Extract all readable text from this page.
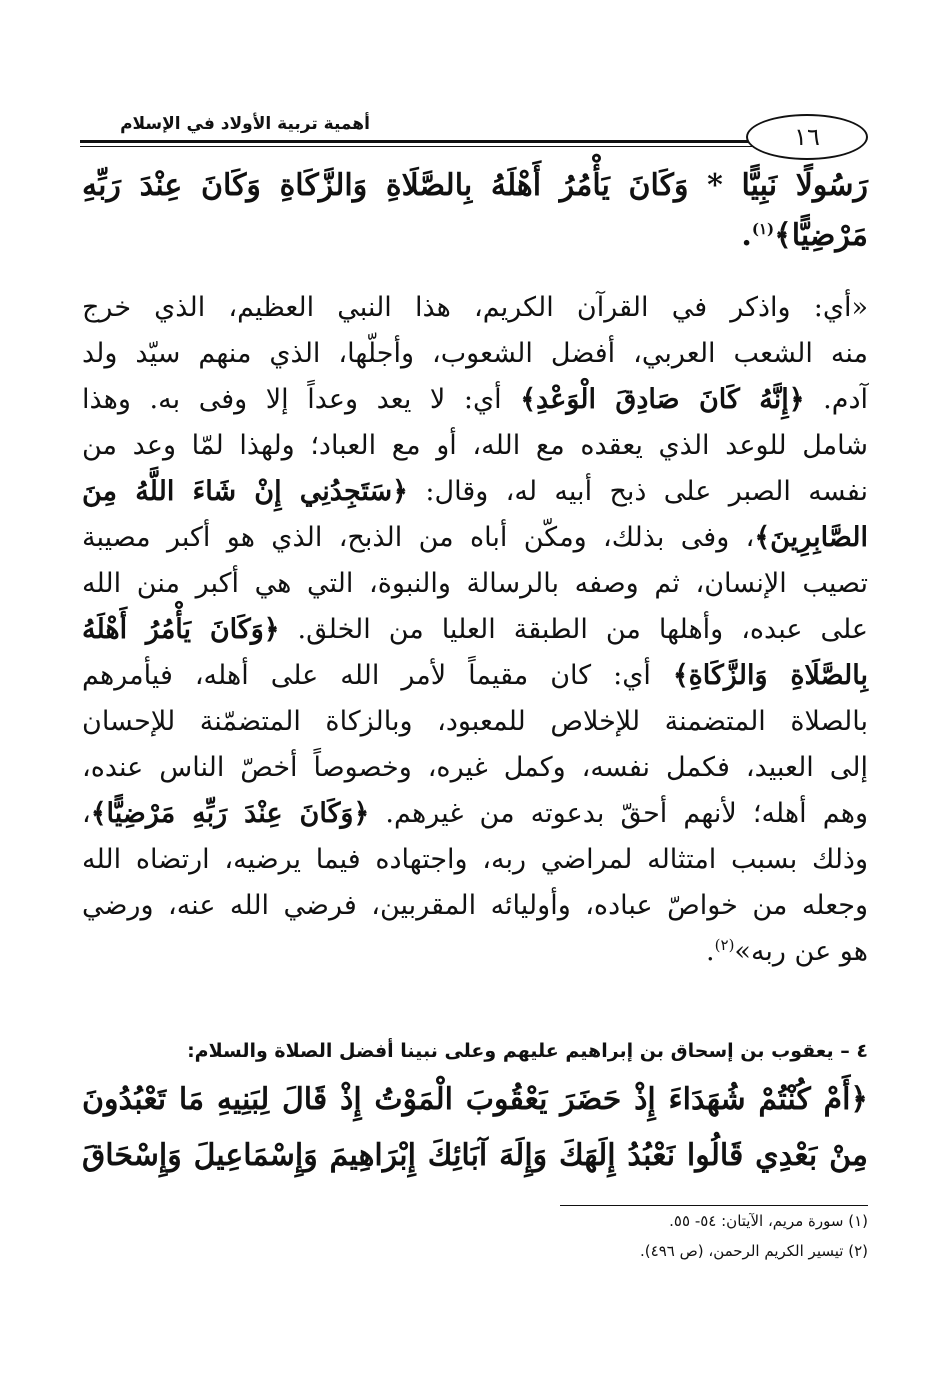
أهمية تربية الأولاد في الإسلام	١٦
رَسُولًا نَبِيًّا * وَكَانَ يَأْمُرُ أَهْلَهُ بِالصَّلَاةِ وَالزَّكَاةِ وَكَانَ عِنْدَ رَبِّهِ
مَرْضِيًّا﴾$^{(١)}$.
«أي: واذكر في القرآن الكريم، هذا النبي العظيم، الذي خرج
منه الشعب العربي، أفضل الشعوب، وأجلّها، الذي منهم سيّد ولد
آدم. ﴿إِنَّهُ كَانَ صَادِقَ الْوَعْدِ﴾ أي: لا يعد وعداً إلا وفى به. وهذا
شامل للوعد الذي يعقده مع الله، أو مع العباد؛ ولهذا لمّا وعد من
نفسه الصبر على ذبح أبيه له، وقال: ﴿سَتَجِدُنِي إِنْ شَاءَ اللَّهُ مِنَ
الصَّابِرِينَ﴾، وفى بذلك، ومكّن أباه من الذبح، الذي هو أكبر مصيبة
تصيب الإنسان، ثم وصفه بالرسالة والنبوة، التي هي أكبر منن الله
على عبده، وأهلها من الطبقة العليا من الخلق. ﴿وَكَانَ يَأْمُرُ أَهْلَهُ
بِالصَّلَاةِ وَالزَّكَاةِ﴾ أي: كان مقيماً لأمر الله على أهله، فيأمرهم
بالصلاة المتضمنة للإخلاص للمعبود، وبالزكاة المتضمّنة للإحسان
إلى العبيد، فكمل نفسه، وكمل غيره، وخصوصاً أخصّ الناس عنده،
وهم أهله؛ لأنهم أحقّ بدعوته من غيرهم. ﴿وَكَانَ عِنْدَ رَبِّهِ مَرْضِيًّا﴾،
وذلك بسبب امتثاله لمراضي ربه، واجتهاده فيما يرضيه، ارتضاه الله
وجعله من خواصّ عباده، وأوليائه المقربين، فرضي الله عنه، ورضي
هو عن ربه»$^{(٢)}$.
٤ – يعقوب بن إسحاق بن إبراهيم عليهم وعلى نبينا أفضل الصلاة والسلام:
﴿أَمْ كُنْتُمْ شُهَدَاءَ إِذْ حَضَرَ يَعْقُوبَ الْمَوْتُ إِذْ قَالَ لِبَنِيهِ مَا تَعْبُدُونَ
مِنْ بَعْدِي قَالُوا نَعْبُدُ إِلَهَكَ وَإِلَهَ آبَائِكَ إِبْرَاهِيمَ وَإِسْمَاعِيلَ وَإِسْحَاقَ
(١) سورة مريم، الآيتان: ٥٤- ٥٥.
(٢) تيسير الكريم الرحمن، (ص ٤٩٦).
